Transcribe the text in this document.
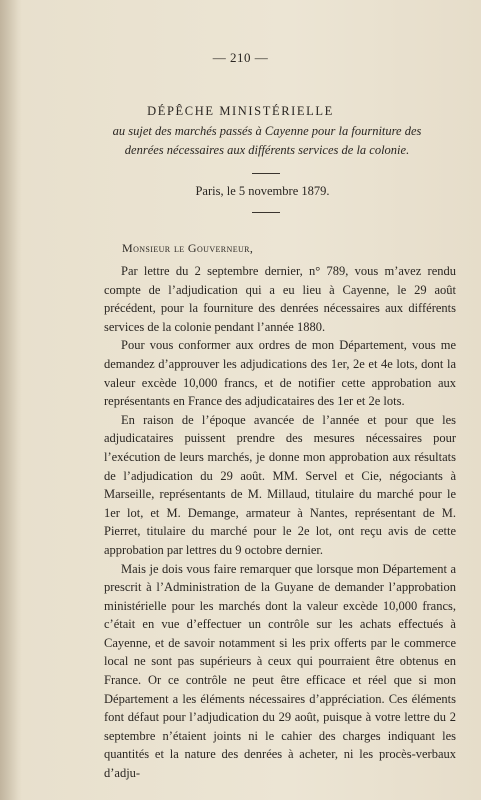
— 210 —
DÉPÊCHE MINISTÉRIELLE
au sujet des marchés passés à Cayenne pour la fourniture des denrées nécessaires aux différents services de la colonie.
Paris, le 5 novembre 1879.
Monsieur le Gouverneur,

Par lettre du 2 septembre dernier, n° 789, vous m’avez rendu compte de l’adjudication qui a eu lieu à Cayenne, le 29 août précédent, pour la fourniture des denrées nécessaires aux différents services de la colonie pendant l’année 1880.

Pour vous conformer aux ordres de mon Département, vous me demandez d’approuver les adjudications des 1er, 2e et 4e lots, dont la valeur excède 10,000 francs, et de notifier cette approbation aux représentants en France des adjudicataires des 1er et 2e lots.

En raison de l’époque avancée de l’année et pour que les adjudicataires puissent prendre des mesures nécessaires pour l’exécution de leurs marchés, je donne mon approbation aux résultats de l’adjudication du 29 août. MM. Servel et Cie, négociants à Marseille, représentants de M. Millaud, titulaire du marché pour le 1er lot, et M. Demange, armateur à Nantes, représentant de M. Pierret, titulaire du marché pour le 2e lot, ont reçu avis de cette approbation par lettres du 9 octobre dernier.

Mais je dois vous faire remarquer que lorsque mon Département a prescrit à l’Administration de la Guyane de demander l’approbation ministérielle pour les marchés dont la valeur excède 10,000 francs, c’était en vue d’effectuer un contrôle sur les achats effectués à Cayenne, et de savoir notamment si les prix offerts par le commerce local ne sont pas supérieurs à ceux qui pourraient être obtenus en France. Or ce contrôle ne peut être efficace et réel que si mon Département a les éléments nécessaires d’appréciation. Ces éléments font défaut pour l’adjudication du 29 août, puisque à votre lettre du 2 septembre n’étaient joints ni le cahier des charges indiquant les quantités et la nature des denrées à acheter, ni les procès-verbaux d’adju-
